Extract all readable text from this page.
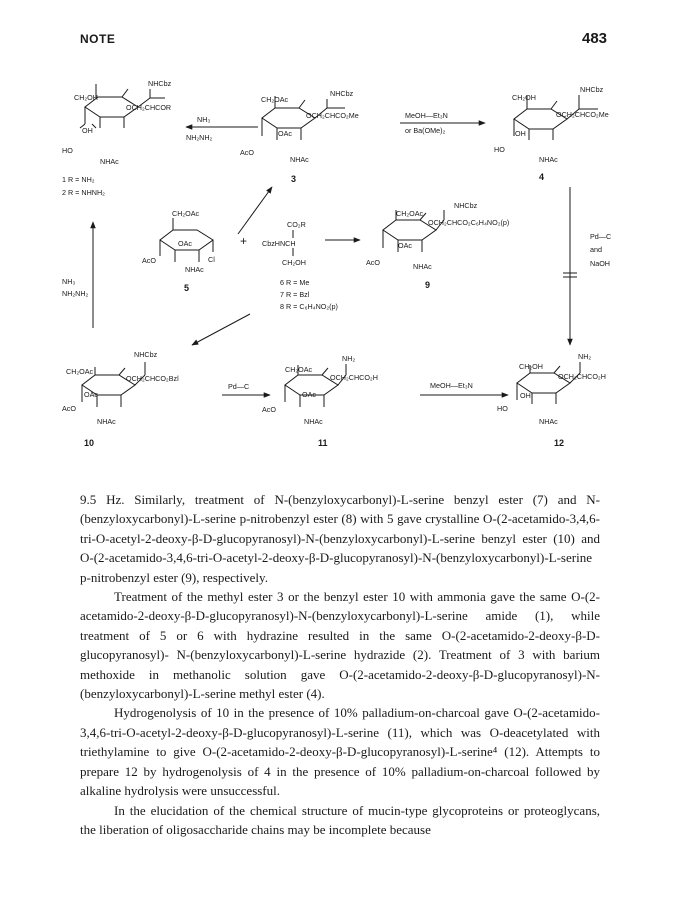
NOTE	483
CH₂OH
NHCbz
OCH₂CHCOR
OH
HO
NHAc
1 R = NH₂
2 R = NHNH₂
NH₃
NH₂NH₂
CH₂OAc
NHCbz
OCH₂CHCO₂Me
OAc
AcO
NHAc
3
MeOH—Et₃N
or Ba(OMe)₂
CH₂OH
NHCbz
OCH₂CHCO₂Me
OH
HO
NHAc
4
CH₂OAc
OAc
AcO	Cl
NHAc
5
+
CO₂R
CbzHNCH
CH₂OH
6 R = Me
7 R = Bzl
8 R = C₆H₄NO₂(p)
CH₂OAc
NHCbz
OCH₂CHCO₂C₆H₄NO₂(p)
OAc
AcO	NHAc
9
NH₃
NH₂NH₂
Pd—C
and
NaOH
CH₂OAc
NHCbz
OCH₂CHCO₂Bzl
OAc
AcO
NHAc
10
Pd—C
CH₂OAc
NH₂
OCH₂CHCO₂H
OAc
AcO
NHAc
11
MeOH—Et₃N
CH₂OH
NH₂
OCH₂CHCO₂H
OH
HO
NHAc
12

9.5 Hz. Similarly, treatment of N-(benzyloxycarbonyl)-L-serine benzyl ester (7) and N-(benzyloxycarbonyl)-L-serine p-nitrobenzyl ester (8) with 5 gave crystalline O-(2-acetamido-3,4,6-tri-O-acetyl-2-deoxy-β-D-glucopyranosyl)-N-(benzyloxycarbonyl)-L-serine benzyl ester (10) and O-(2-acetamido-3,4,6-tri-O-acetyl-2-deoxy-β-D-glucopyranosyl)-N-(benzyloxycarbonyl)-L-serine p-nitrobenzyl ester (9), respectively.

Treatment of the methyl ester 3 or the benzyl ester 10 with ammonia gave the same O-(2-acetamido-2-deoxy-β-D-glucopyranosyl)-N-(benzyloxycarbonyl)-L-serine amide (1), while treatment of 5 or 6 with hydrazine resulted in the same O-(2-acetamido-2-deoxy-β-D-glucopyranosyl)- N-(benzyloxycarbonyl)-L-serine hydrazide (2). Treatment of 3 with barium methoxide in methanolic solution gave O-(2-acetamido-2-deoxy-β-D-glucopyranosyl)-N-(benzyloxycarbonyl)-L-serine methyl ester (4).

Hydrogenolysis of 10 in the presence of 10% palladium-on-charcoal gave O-(2-acetamido-3,4,6-tri-O-acetyl-2-deoxy-β-D-glucopyranosyl)-L-serine (11), which was O-deacetylated with triethylamine to give O-(2-acetamido-2-deoxy-β-D-glucopyranosyl)-L-serine⁴ (12). Attempts to prepare 12 by hydrogenolysis of 4 in the presence of 10% palladium-on-charcoal followed by alkaline hydrolysis were unsuccessful.

In the elucidation of the chemical structure of mucin-type glycoproteins or proteoglycans, the liberation of oligosaccharide chains may be incomplete because
